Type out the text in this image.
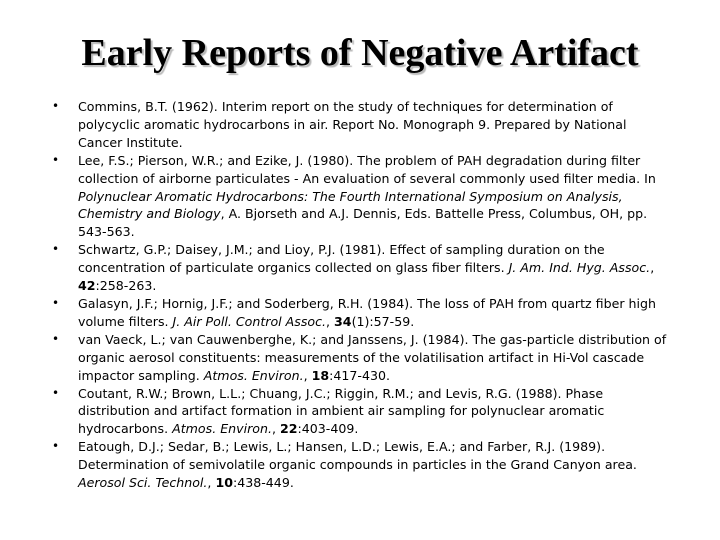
Early Reports of Negative Artifact
• Commins, B.T. (1962). Interim report on the study of techniques for determination of polycyclic aromatic hydrocarbons in air. Report No. Monograph 9. Prepared by National Cancer Institute.
• Lee, F.S.; Pierson, W.R.; and Ezike, J. (1980). The problem of PAH degradation during filter collection of airborne particulates - An evaluation of several commonly used filter media. In Polynuclear Aromatic Hydrocarbons: The Fourth International Symposium on Analysis, Chemistry and Biology, A. Bjorseth and A.J. Dennis, Eds. Battelle Press, Columbus, OH, pp. 543-563.
• Schwartz, G.P.; Daisey, J.M.; and Lioy, P.J. (1981). Effect of sampling duration on the concentration of particulate organics collected on glass fiber filters. J. Am. Ind. Hyg. Assoc., 42:258-263.
• Galasyn, J.F.; Hornig, J.F.; and Soderberg, R.H. (1984). The loss of PAH from quartz fiber high volume filters. J. Air Poll. Control Assoc., 34(1):57-59.
• van Vaeck, L.; van Cauwenberghe, K.; and Janssens, J. (1984). The gas-particle distribution of organic aerosol constituents: measurements of the volatilisation artifact in Hi-Vol cascade impactor sampling. Atmos. Environ., 18:417-430.
• Coutant, R.W.; Brown, L.L.; Chuang, J.C.; Riggin, R.M.; and Levis, R.G. (1988). Phase distribution and artifact formation in ambient air sampling for polynuclear aromatic hydrocarbons. Atmos. Environ., 22:403-409.
• Eatough, D.J.; Sedar, B.; Lewis, L.; Hansen, L.D.; Lewis, E.A.; and Farber, R.J. (1989). Determination of semivolatile organic compounds in particles in the Grand Canyon area. Aerosol Sci. Technol., 10:438-449.
